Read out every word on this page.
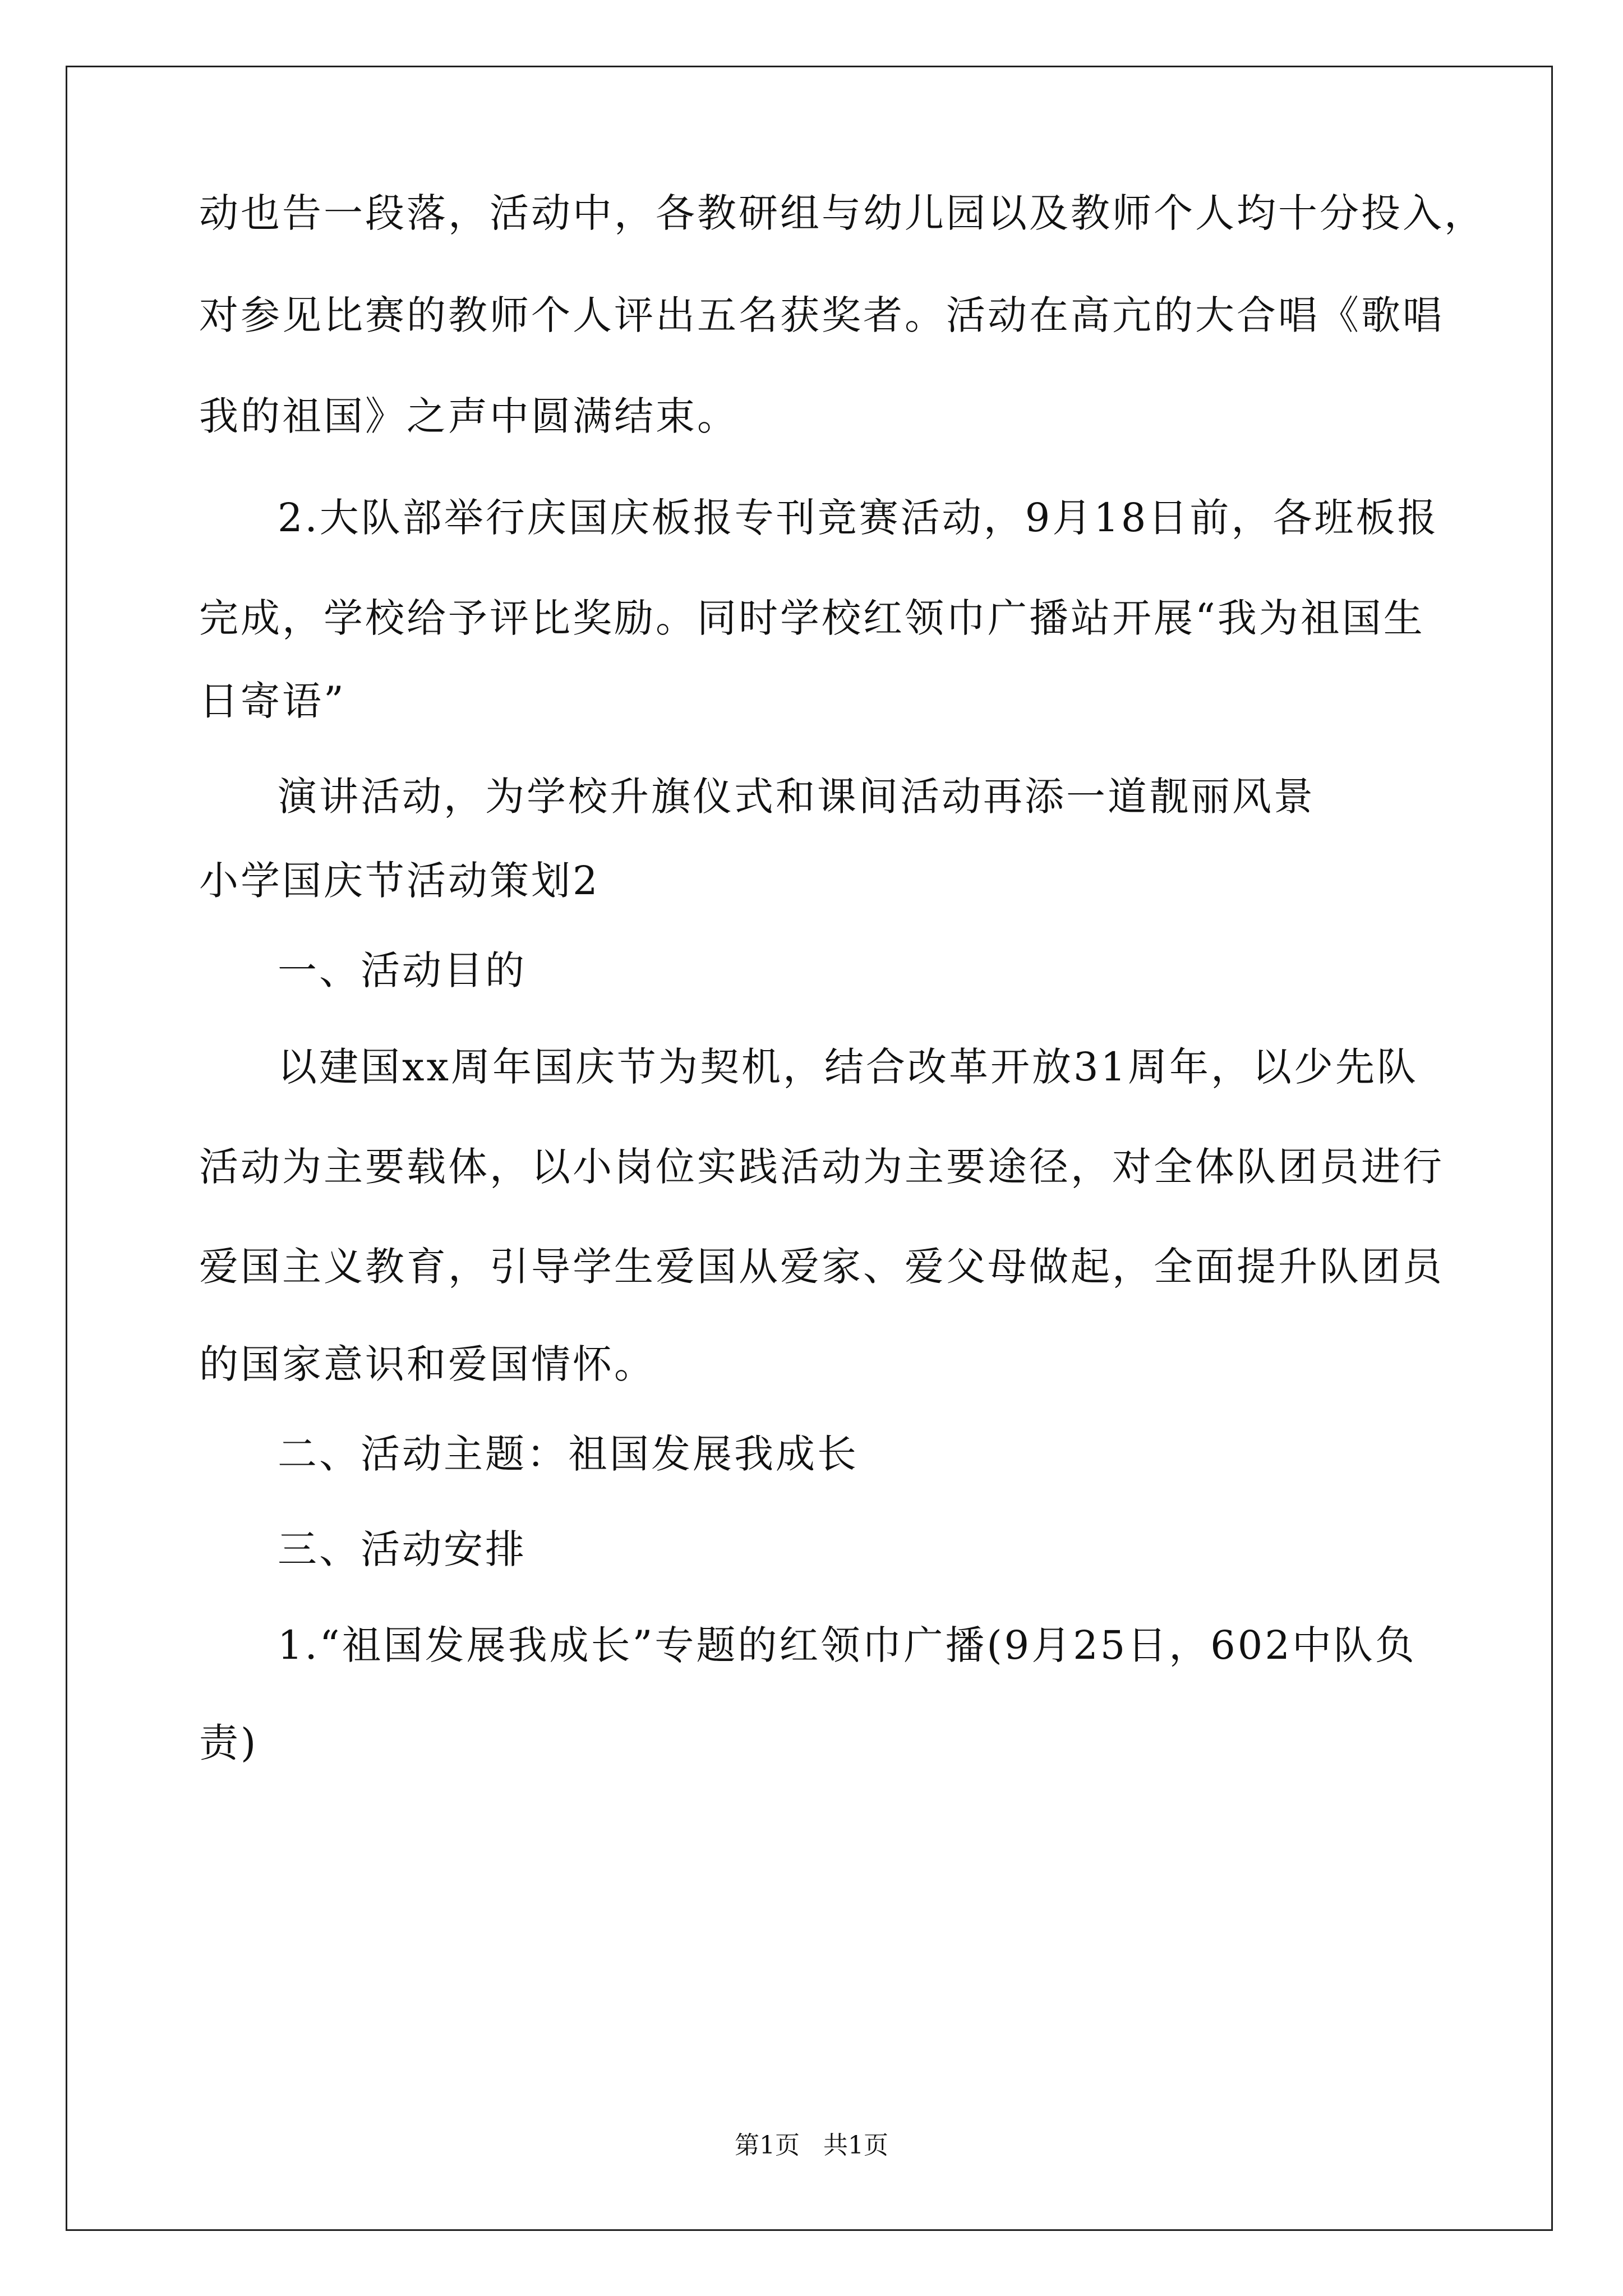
动也告一段落，活动中，各教研组与幼儿园以及教师个人均十分投入，
对参见比赛的教师个人评出五名获奖者。活动在高亢的大合唱《歌唱
我的祖国》之声中圆满结束。
2.大队部举行庆国庆板报专刊竞赛活动，9月18日前，各班板报
完成，学校给予评比奖励。同时学校红领巾广播站开展“我为祖国生
日寄语”
演讲活动，为学校升旗仪式和课间活动再添一道靓丽风景
小学国庆节活动策划2
一、活动目的
以建国xx周年国庆节为契机，结合改革开放31周年，以少先队
活动为主要载体，以小岗位实践活动为主要途径，对全体队团员进行
爱国主义教育，引导学生爱国从爱家、爱父母做起，全面提升队团员
的国家意识和爱国情怀。
二、活动主题：祖国发展我成长
三、活动安排
1.“祖国发展我成长”专题的红领巾广播(9月25日，602中队负
责)
第1页   共1页
